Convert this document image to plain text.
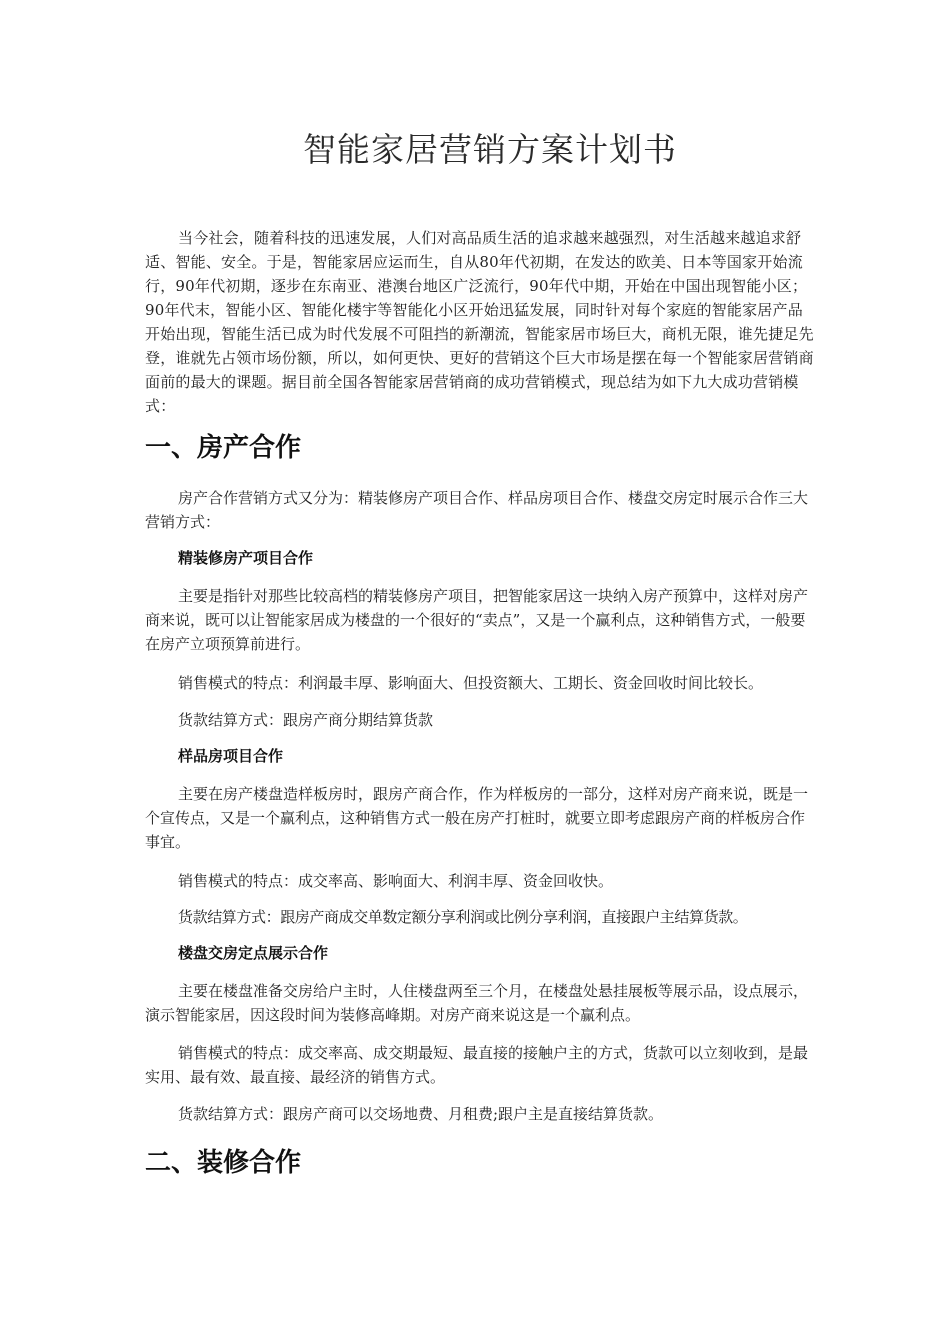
智能家居营销方案计划书

当今社会，随着科技的迅速发展，人们对高品质生活的追求越来越强烈，对生活越来越追求舒适、智能、安全。于是，智能家居应运而生，自从80年代初期，在发达的欧美、日本等国家开始流行，90年代初期，逐步在东南亚、港澳台地区广泛流行，90年代中期，开始在中国出现智能小区；90年代末，智能小区、智能化楼宇等智能化小区开始迅猛发展，同时针对每个家庭的智能家居产品开始出现，智能生活已成为时代发展不可阻挡的新潮流，智能家居市场巨大，商机无限，谁先捷足先登，谁就先占领市场份额，所以，如何更快、更好的营销这个巨大市场是摆在每一个智能家居营销商面前的最大的课题。据目前全国各智能家居营销商的成功营销模式，现总结为如下九大成功营销模式：

一、房产合作

房产合作营销方式又分为：精装修房产项目合作、样品房项目合作、楼盘交房定时展示合作三大营销方式：

精装修房产项目合作

主要是指针对那些比较高档的精装修房产项目，把智能家居这一块纳入房产预算中，这样对房产商来说，既可以让智能家居成为楼盘的一个很好的“卖点”，又是一个赢利点，这种销售方式，一般要在房产立项预算前进行。

销售模式的特点：利润最丰厚、影响面大、但投资额大、工期长、资金回收时间比较长。

货款结算方式：跟房产商分期结算货款

样品房项目合作

主要在房产楼盘造样板房时，跟房产商合作，作为样板房的一部分，这样对房产商来说，既是一个宣传点，又是一个赢利点，这种销售方式一般在房产打桩时，就要立即考虑跟房产商的样板房合作事宜。

销售模式的特点：成交率高、影响面大、利润丰厚、资金回收快。

货款结算方式：跟房产商成交单数定额分享利润或比例分享利润，直接跟户主结算货款。

楼盘交房定点展示合作

主要在楼盘准备交房给户主时，人住楼盘两至三个月，在楼盘处悬挂展板等展示品，设点展示，演示智能家居，因这段时间为装修高峰期。对房产商来说这是一个赢利点。

销售模式的特点：成交率高、成交期最短、最直接的接触户主的方式，货款可以立刻收到，是最实用、最有效、最直接、最经济的销售方式。

货款结算方式：跟房产商可以交场地费、月租费;跟户主是直接结算货款。

二、装修合作
